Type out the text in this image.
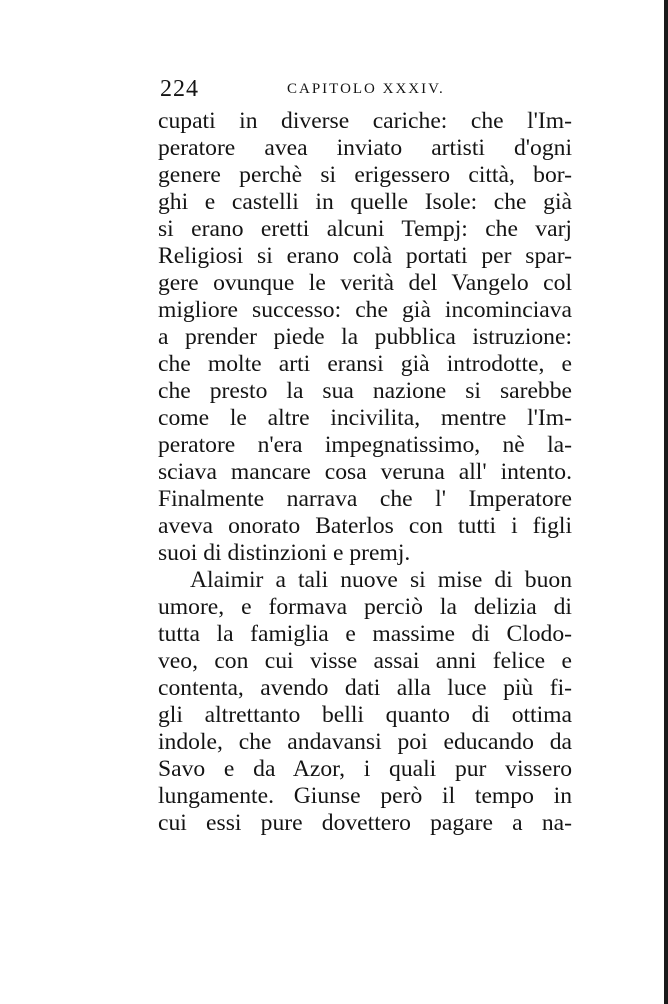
224	CAPITOLO XXXIV.
cupati in diverse cariche: che l'Im-
peratore avea inviato artisti d'ogni
genere perchè si erigessero città, bor-
ghi e castelli in quelle Isole: che già
si erano eretti alcuni Tempj: che varj
Religiosi si erano colà portati per spar-
gere ovunque le verità del Vangelo col
migliore successo: che già incominciava
a prender piede la pubblica istruzione:
che molte arti eransi già introdotte, e
che presto la sua nazione si sarebbe
come le altre incivilita, mentre l'Im-
peratore n'era impegnatissimo, nè la-
sciava mancare cosa veruna all' intento.
Finalmente narrava che l' Imperatore
aveva onorato Baterlos con tutti i figli
suoi di distinzioni e premj.
Alaimir a tali nuove si mise di buon
umore, e formava perciò la delizia di
tutta la famiglia e massime di Clodo-
veo, con cui visse assai anni felice e
contenta, avendo dati alla luce più fi-
gli altrettanto belli quanto di ottima
indole, che andavansi poi educando da
Savo e da Azor, i quali pur vissero
lungamente. Giunse però il tempo in
cui essi pure dovettero pagare a na-
